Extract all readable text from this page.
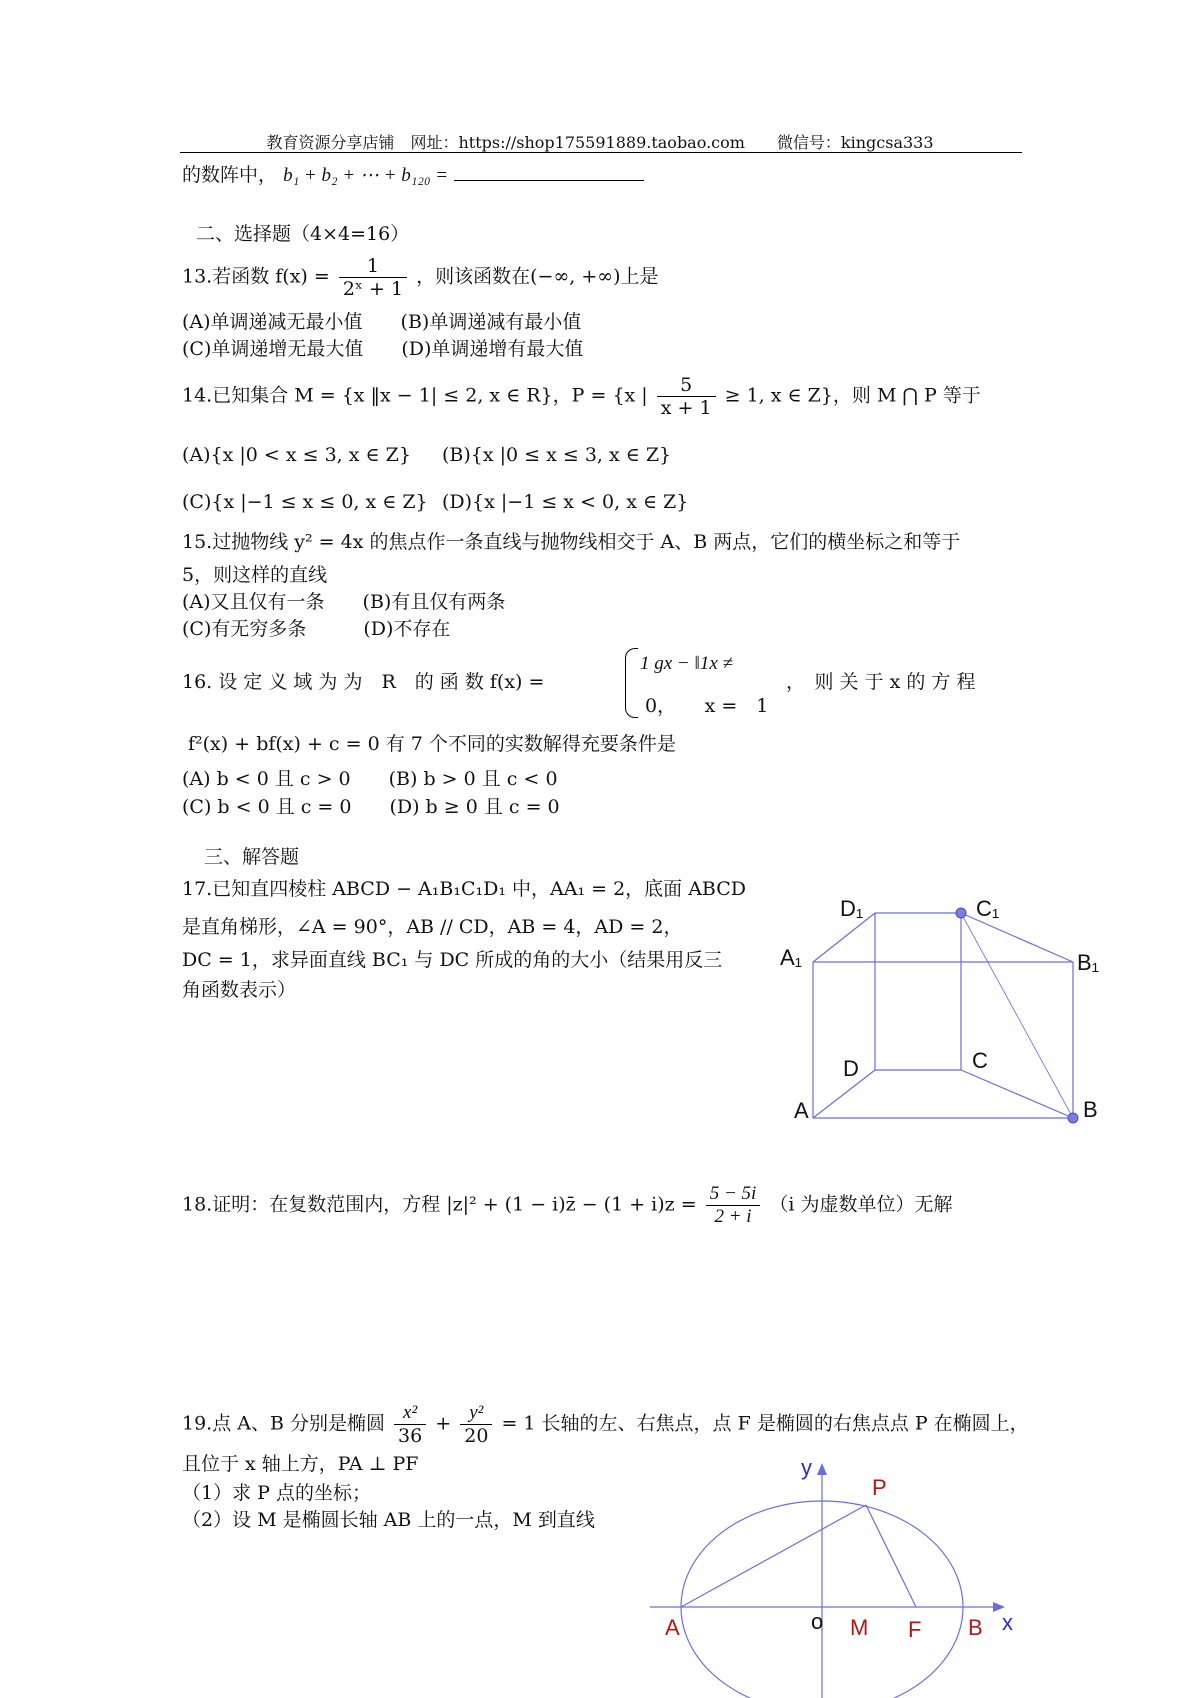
教育资源分享店铺　网址：https://shop175591889.taobao.com　　微信号：kingcsa333
的数阵中， b₁ + b₂ + ⋯ + b₁₂₀ =
二、选择题（4×4=16）
13.若函数 $f(x) = \frac{1}{\text{2ˣ + 1}}$ ，则该函数在(−∞, +∞)上是
(A)单调递减无最小值　　(B)单调递减有最小值
(C)单调递增无最大值　　(D)单调递增有最大值
14.已知集合 M = {x ‖x − 1| ≤ 2, x ∈ R}，P = {x | $\frac{5}{x + 1} \ge 1$, x ∈ Z}，则 M ⋂ P 等于
(A){x |0 < x ≤ 3, x ∈ Z} (B){x |0 ≤ x ≤ 3, x ∈ Z}
(C){x |−1 ≤ x ≤ 0, x ∈ Z} (D){x |−1 ≤ x < 0, x ∈ Z}
15.过抛物线 y² = 4x 的焦点作一条直线与抛物线相交于 A、B 两点，它们的横坐标之和等于
5，则这样的直线
(A)又且仅有一条　　(B)有且仅有两条
(C)有无穷多条　　　(D)不存在
16. 设 定 义 域 为 为　R　的 函 数 f(x) =
1 gx − ‖1x ≠
0，　　x =　1
，　则 关 于 x 的 方 程
f²(x) + bf(x) + c = 0 有 7 个不同的实数解得充要条件是
(A) b < 0 且 c > 0　　(B) b > 0 且 c < 0
(C) b < 0 且 c = 0　　(D) b ≥ 0 且 c = 0
三、解答题
17.已知直四棱柱 ABCD − A₁B₁C₁D₁ 中，AA₁ = 2，底面 ABCD
是直角梯形，∠A = 90°，AB // CD，AB = 4，AD = 2，
DC = 1，求异面直线 BC₁ 与 DC 所成的角的大小（结果用反三
角函数表示）
D₁	C₁
A₁	B₁
D	C
A	B
18.证明：在复数范围内，方程 |z|² + (1 − i)z̄ − $(1 + i)z = \frac{5 - 5i}{2 + i} (i$ 为虚数单位）无解
19.点 A、B 分别是椭圆 $\frac{\text{x²}}{36} + \frac{\text{y²}}{20} = 1$ 长轴的左、右焦点，点 F 是椭圆的右焦点点 P 在椭圆上，
且位于 x 轴上方，PA ⊥ PF
（1）求 P 点的坐标；
（2）设 M 是椭圆长轴 AB 上的一点，M 到直线
y
P
A	o M F B x
